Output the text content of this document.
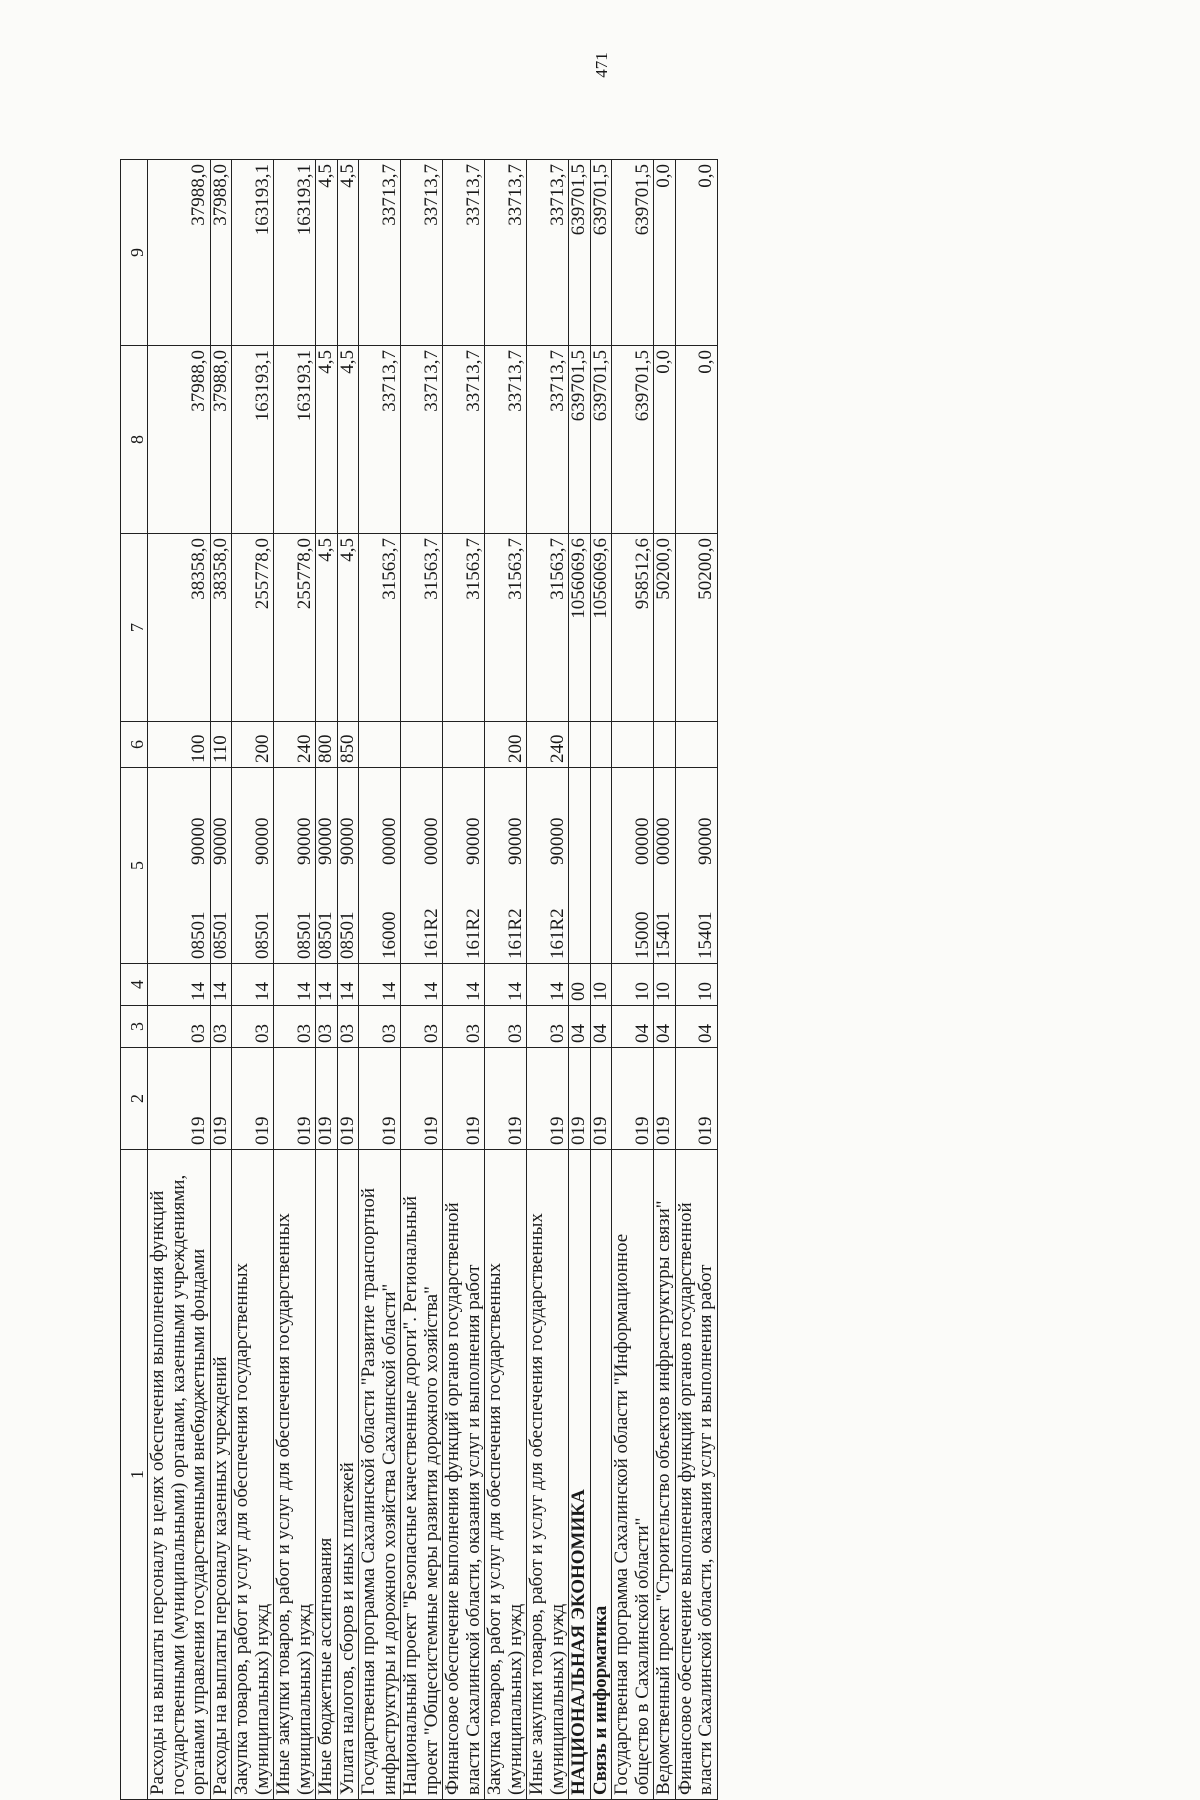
471
1	2	3	4	5	6	7	8	9
Расходы на выплаты персоналу в целях обеспечения выполнения функций государственными (муниципальными) органами, казенными учреждениями, органами управления государственными внебюджетными фондами	019	03	14	0850190000	100	38358,0	37988,0	37988,0
Расходы на выплаты персоналу казенных учреждений	019	03	14	0850190000	110	38358,0	37988,0	37988,0
Закупка товаров, работ и услуг для обеспечения государственных (муниципальных) нужд	019	03	14	0850190000	200	255778,0	163193,1	163193,1
Иные закупки товаров, работ и услуг для обеспечения государственных (муниципальных) нужд	019	03	14	0850190000	240	255778,0	163193,1	163193,1
Иные бюджетные ассигнования	019	03	14	0850190000	800	4,5	4,5	4,5
Уплата налогов, сборов и иных платежей	019	03	14	0850190000	850	4,5	4,5	4,5
Государственная программа Сахалинской области "Развитие транспортной инфраструктуры и дорожного хозяйства Сахалинской области"	019	03	14	1600000000		31563,7	33713,7	33713,7
Национальный проект "Безопасные качественные дороги". Региональный проект "Общесистемные меры развития дорожного хозяйства"	019	03	14	161R200000		31563,7	33713,7	33713,7
Финансовое обеспечение выполнения функций органов государственной власти Сахалинской области, оказания услуг и выполнения работ	019	03	14	161R290000		31563,7	33713,7	33713,7
Закупка товаров, работ и услуг для обеспечения государственных (муниципальных) нужд	019	03	14	161R290000	200	31563,7	33713,7	33713,7
Иные закупки товаров, работ и услуг для обеспечения государственных (муниципальных) нужд	019	03	14	161R290000	240	31563,7	33713,7	33713,7
НАЦИОНАЛЬНАЯ ЭКОНОМИКА	019	04	00			1056069,6	639701,5	639701,5
Связь и информатика	019	04	10			1056069,6	639701,5	639701,5
Государственная программа Сахалинской области "Информационное общество в Сахалинской области"	019	04	10	1500000000		958512,6	639701,5	639701,5
Ведомственный проект "Строительство объектов инфраструктуры связи"	019	04	10	1540100000		50200,0	0,0	0,0
Финансовое обеспечение выполнения функций органов государственной власти Сахалинской области, оказания услуг и выполнения работ	019	04	10	1540190000		50200,0	0,0	0,0
